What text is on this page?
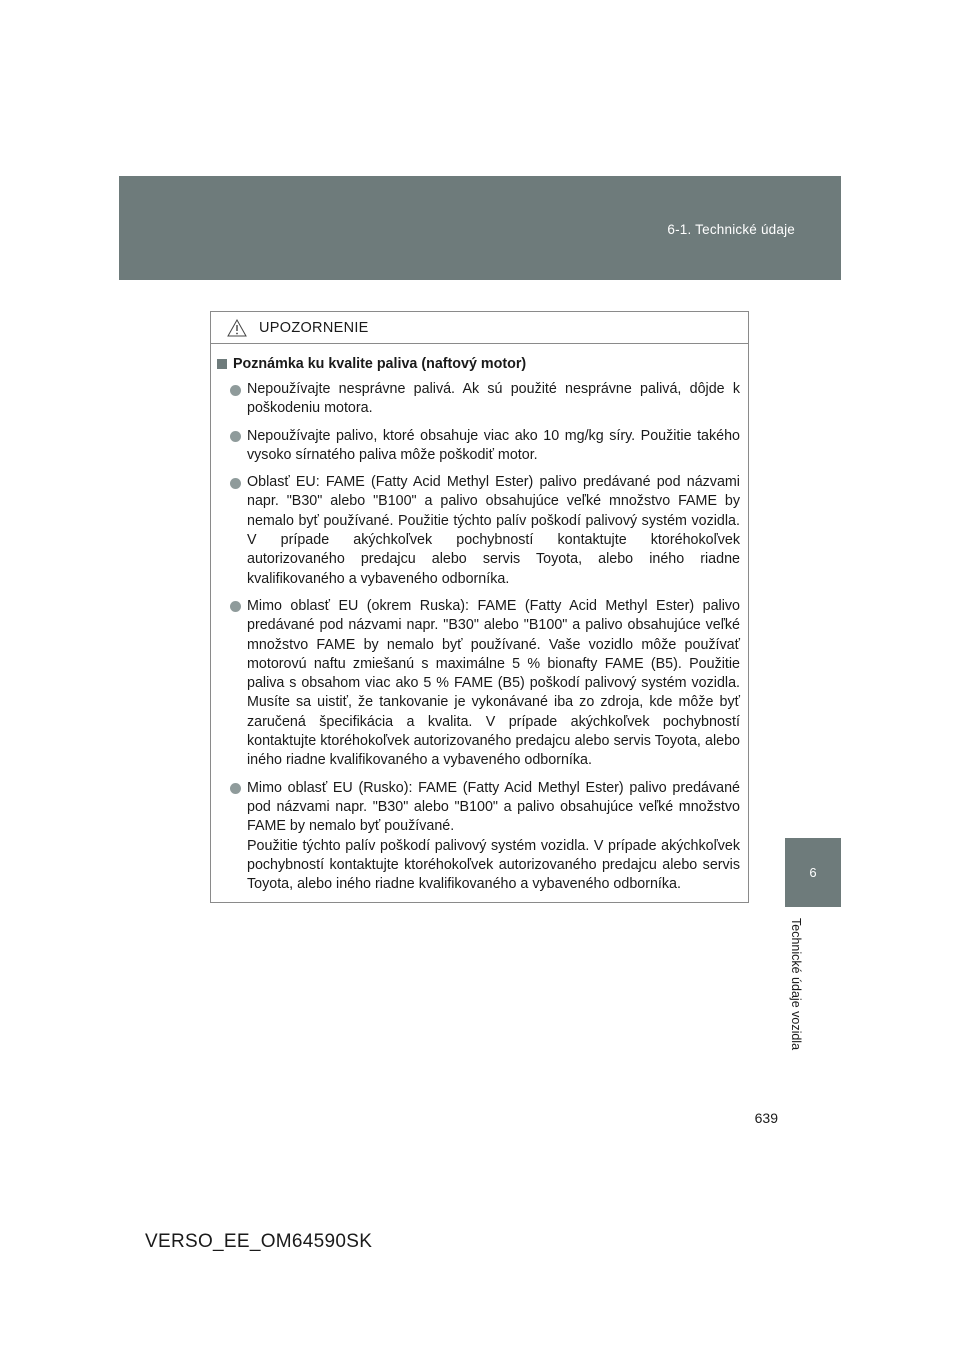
6-1. Technické údaje
6
Technické údaje vozidla
UPOZORNENIE
Poznámka ku kvalite paliva (naftový motor)

Nepoužívajte nesprávne palivá. Ak sú použité nesprávne palivá, dôjde k poškodeniu motora.

Nepoužívajte palivo, ktoré obsahuje viac ako 10 mg/kg síry. Použitie takého vysoko sírnatého paliva môže poškodiť motor.

Oblasť EU: FAME (Fatty Acid Methyl Ester) palivo predávané pod názvami napr. "B30" alebo "B100" a palivo obsahujúce veľké množstvo FAME by nemalo byť používané. Použitie týchto palív poškodí palivový systém vozidla. V prípade akýchkoľvek pochybností kontaktujte ktoréhokoľvek autorizovaného predajcu alebo servis Toyota, alebo iného riadne kvalifikovaného a vybaveného odborníka.

Mimo oblasť EU (okrem Ruska): FAME (Fatty Acid Methyl Ester) palivo predávané pod názvami napr. "B30" alebo "B100" a palivo obsahujúce veľké množstvo FAME by nemalo byť používané. Vaše vozidlo môže používať motorovú naftu zmiešanú s maximálne 5 % bionafty FAME (B5). Použitie paliva s obsahom viac ako 5 % FAME (B5) poškodí palivový systém vozidla. Musíte sa uistiť, že tankovanie je vykonávané iba zo zdroja, kde môže byť zaručená špecifikácia a kvalita. V prípade akýchkoľvek pochybností kontaktujte ktoréhokoľvek autorizovaného predajcu alebo servis Toyota, alebo iného riadne kvalifikovaného a vybaveného odborníka.

Mimo oblasť EU (Rusko): FAME (Fatty Acid Methyl Ester) palivo predávané pod názvami napr. "B30" alebo "B100" a palivo obsahujúce veľké množstvo FAME by nemalo byť používané.

Použitie týchto palív poškodí palivový systém vozidla. V prípade akýchkoľvek pochybností kontaktujte ktoréhokoľvek autorizovaného predajcu alebo servis Toyota, alebo iného riadne kvalifikovaného a vybaveného odborníka.

639
VERSO_EE_OM64590SK
